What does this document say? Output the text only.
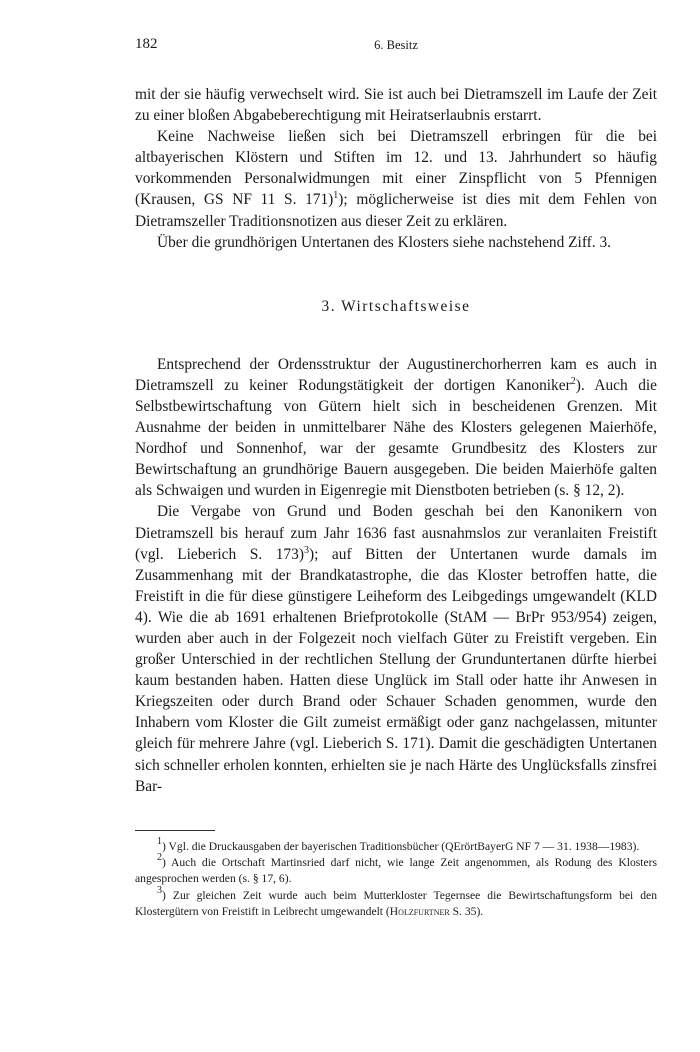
182	6. Besitz

mit der sie häufig verwechselt wird. Sie ist auch bei Dietramszell im Laufe der Zeit zu einer bloßen Abgabeberechtigung mit Heiratserlaubnis erstarrt.

Keine Nachweise ließen sich bei Dietramszell erbringen für die bei altbayerischen Klöstern und Stiften im 12. und 13. Jahrhundert so häufig vorkommenden Personalwidmungen mit einer Zinspflicht von 5 Pfennigen (Krausen, GS NF 11 S. 171)$^1$); möglicherweise ist dies mit dem Fehlen von Dietramszeller Traditionsnotizen aus dieser Zeit zu erklären.

Über die grundhörigen Untertanen des Klosters siehe nachstehend Ziff. 3.

3. Wirtschaftsweise

Entsprechend der Ordensstruktur der Augustinerchorherren kam es auch in Dietramszell zu keiner Rodungstätigkeit der dortigen Kanoniker$^2$). Auch die Selbstbewirtschaftung von Gütern hielt sich in bescheidenen Grenzen. Mit Ausnahme der beiden in unmittelbarer Nähe des Klosters gelegenen Maierhöfe, Nordhof und Sonnenhof, war der gesamte Grundbesitz des Klosters zur Bewirtschaftung an grundhörige Bauern ausgegeben. Die beiden Maierhöfe galten als Schwaigen und wurden in Eigenregie mit Dienstboten betrieben (s. § 12, 2).

Die Vergabe von Grund und Boden geschah bei den Kanonikern von Dietramszell bis herauf zum Jahr 1636 fast ausnahmslos zur veranlaiten Freistift (vgl. Lieberich S. 173)$^3$); auf Bitten der Untertanen wurde damals im Zusammenhang mit der Brandkatastrophe, die das Kloster betroffen hatte, die Freistift in die für diese günstigere Leiheform des Leibgedings umgewandelt (KLD 4). Wie die ab 1691 erhaltenen Briefprotokolle (StAM — BrPr 953/954) zeigen, wurden aber auch in der Folgezeit noch vielfach Güter zu Freistift vergeben. Ein großer Unterschied in der rechtlichen Stellung der Grunduntertanen dürfte hierbei kaum bestanden haben. Hatten diese Unglück im Stall oder hatte ihr Anwesen in Kriegszeiten oder durch Brand oder Schauer Schaden genommen, wurde den Inhabern vom Kloster die Gilt zumeist ermäßigt oder ganz nachgelassen, mitunter gleich für mehrere Jahre (vgl. Lieberich S. 171). Damit die geschädigten Untertanen sich schneller erholen konnten, erhielten sie je nach Härte des Unglücksfalls zinsfrei Bar-

$^1$) Vgl. die Druckausgaben der bayerischen Traditionsbücher (QErörtBayerG NF 7 — 31. 1938—1983).

$^2$) Auch die Ortschaft Martinsried darf nicht, wie lange Zeit angenommen, als Rodung des Klosters angesprochen werden (s. § 17, 6).

$^3$) Zur gleichen Zeit wurde auch beim Mutterkloster Tegernsee die Bewirtschaftungsform bei den Klostergütern von Freistift in Leibrecht umgewandelt (Holzfurtner S. 35).
